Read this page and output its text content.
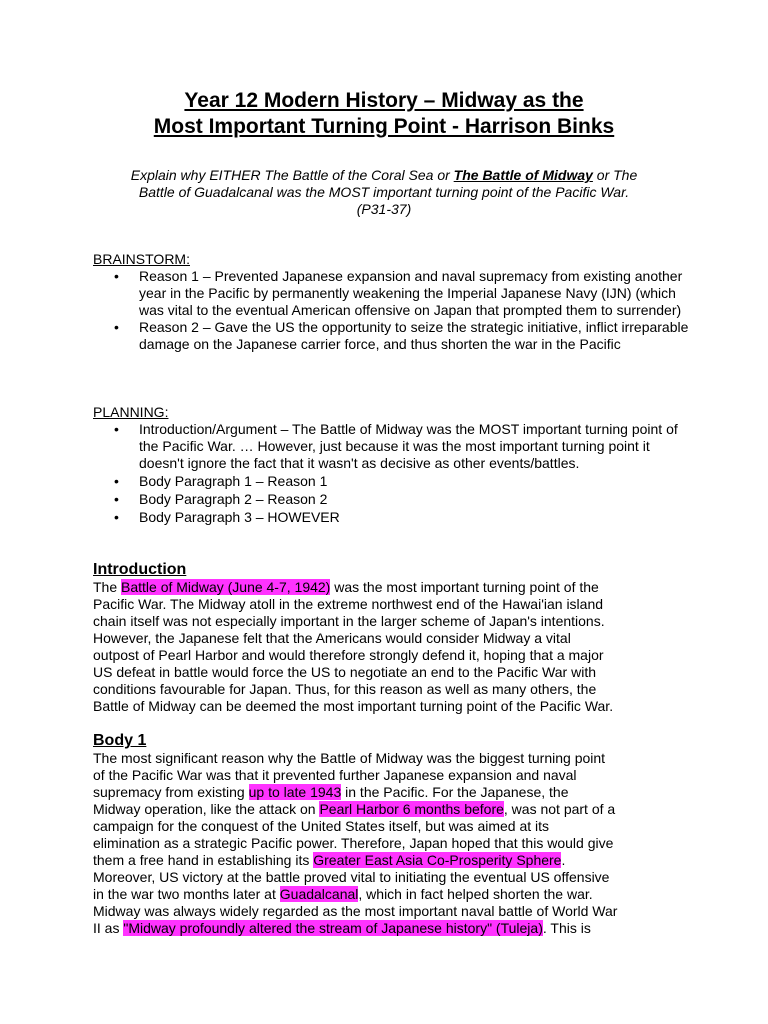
Year 12 Modern History – Midway as the
Most Important Turning Point - Harrison Binks
Explain why EITHER The Battle of the Coral Sea or The Battle of Midway or The
Battle of Guadalcanal was the MOST important turning point of the Pacific War.
(P31-37)
BRAINSTORM:
• Reason 1 – Prevented Japanese expansion and naval supremacy from existing another year in the Pacific by permanently weakening the Imperial Japanese Navy (IJN) (which was vital to the eventual American offensive on Japan that prompted them to surrender)
• Reason 2 – Gave the US the opportunity to seize the strategic initiative, inflict irreparable damage on the Japanese carrier force, and thus shorten the war in the Pacific
PLANNING:
• Introduction/Argument – The Battle of Midway was the MOST important turning point of the Pacific War. … However, just because it was the most important turning point it doesn't ignore the fact that it wasn't as decisive as other events/battles.
• Body Paragraph 1 – Reason 1
• Body Paragraph 2 – Reason 2
• Body Paragraph 3 – HOWEVER
Introduction
The Battle of Midway (June 4-7, 1942) was the most important turning point of the
Pacific War. The Midway atoll in the extreme northwest end of the Hawai'ian island
chain itself was not especially important in the larger scheme of Japan's intentions.
However, the Japanese felt that the Americans would consider Midway a vital
outpost of Pearl Harbor and would therefore strongly defend it, hoping that a major
US defeat in battle would force the US to negotiate an end to the Pacific War with
conditions favourable for Japan. Thus, for this reason as well as many others, the
Battle of Midway can be deemed the most important turning point of the Pacific War.
Body 1
The most significant reason why the Battle of Midway was the biggest turning point
of the Pacific War was that it prevented further Japanese expansion and naval
supremacy from existing up to late 1943 in the Pacific. For the Japanese, the
Midway operation, like the attack on Pearl Harbor 6 months before, was not part of a
campaign for the conquest of the United States itself, but was aimed at its
elimination as a strategic Pacific power. Therefore, Japan hoped that this would give
them a free hand in establishing its Greater East Asia Co-Prosperity Sphere.
Moreover, US victory at the battle proved vital to initiating the eventual US offensive
in the war two months later at Guadalcanal, which in fact helped shorten the war.
Midway was always widely regarded as the most important naval battle of World War
II as "Midway profoundly altered the stream of Japanese history" (Tuleja). This is
